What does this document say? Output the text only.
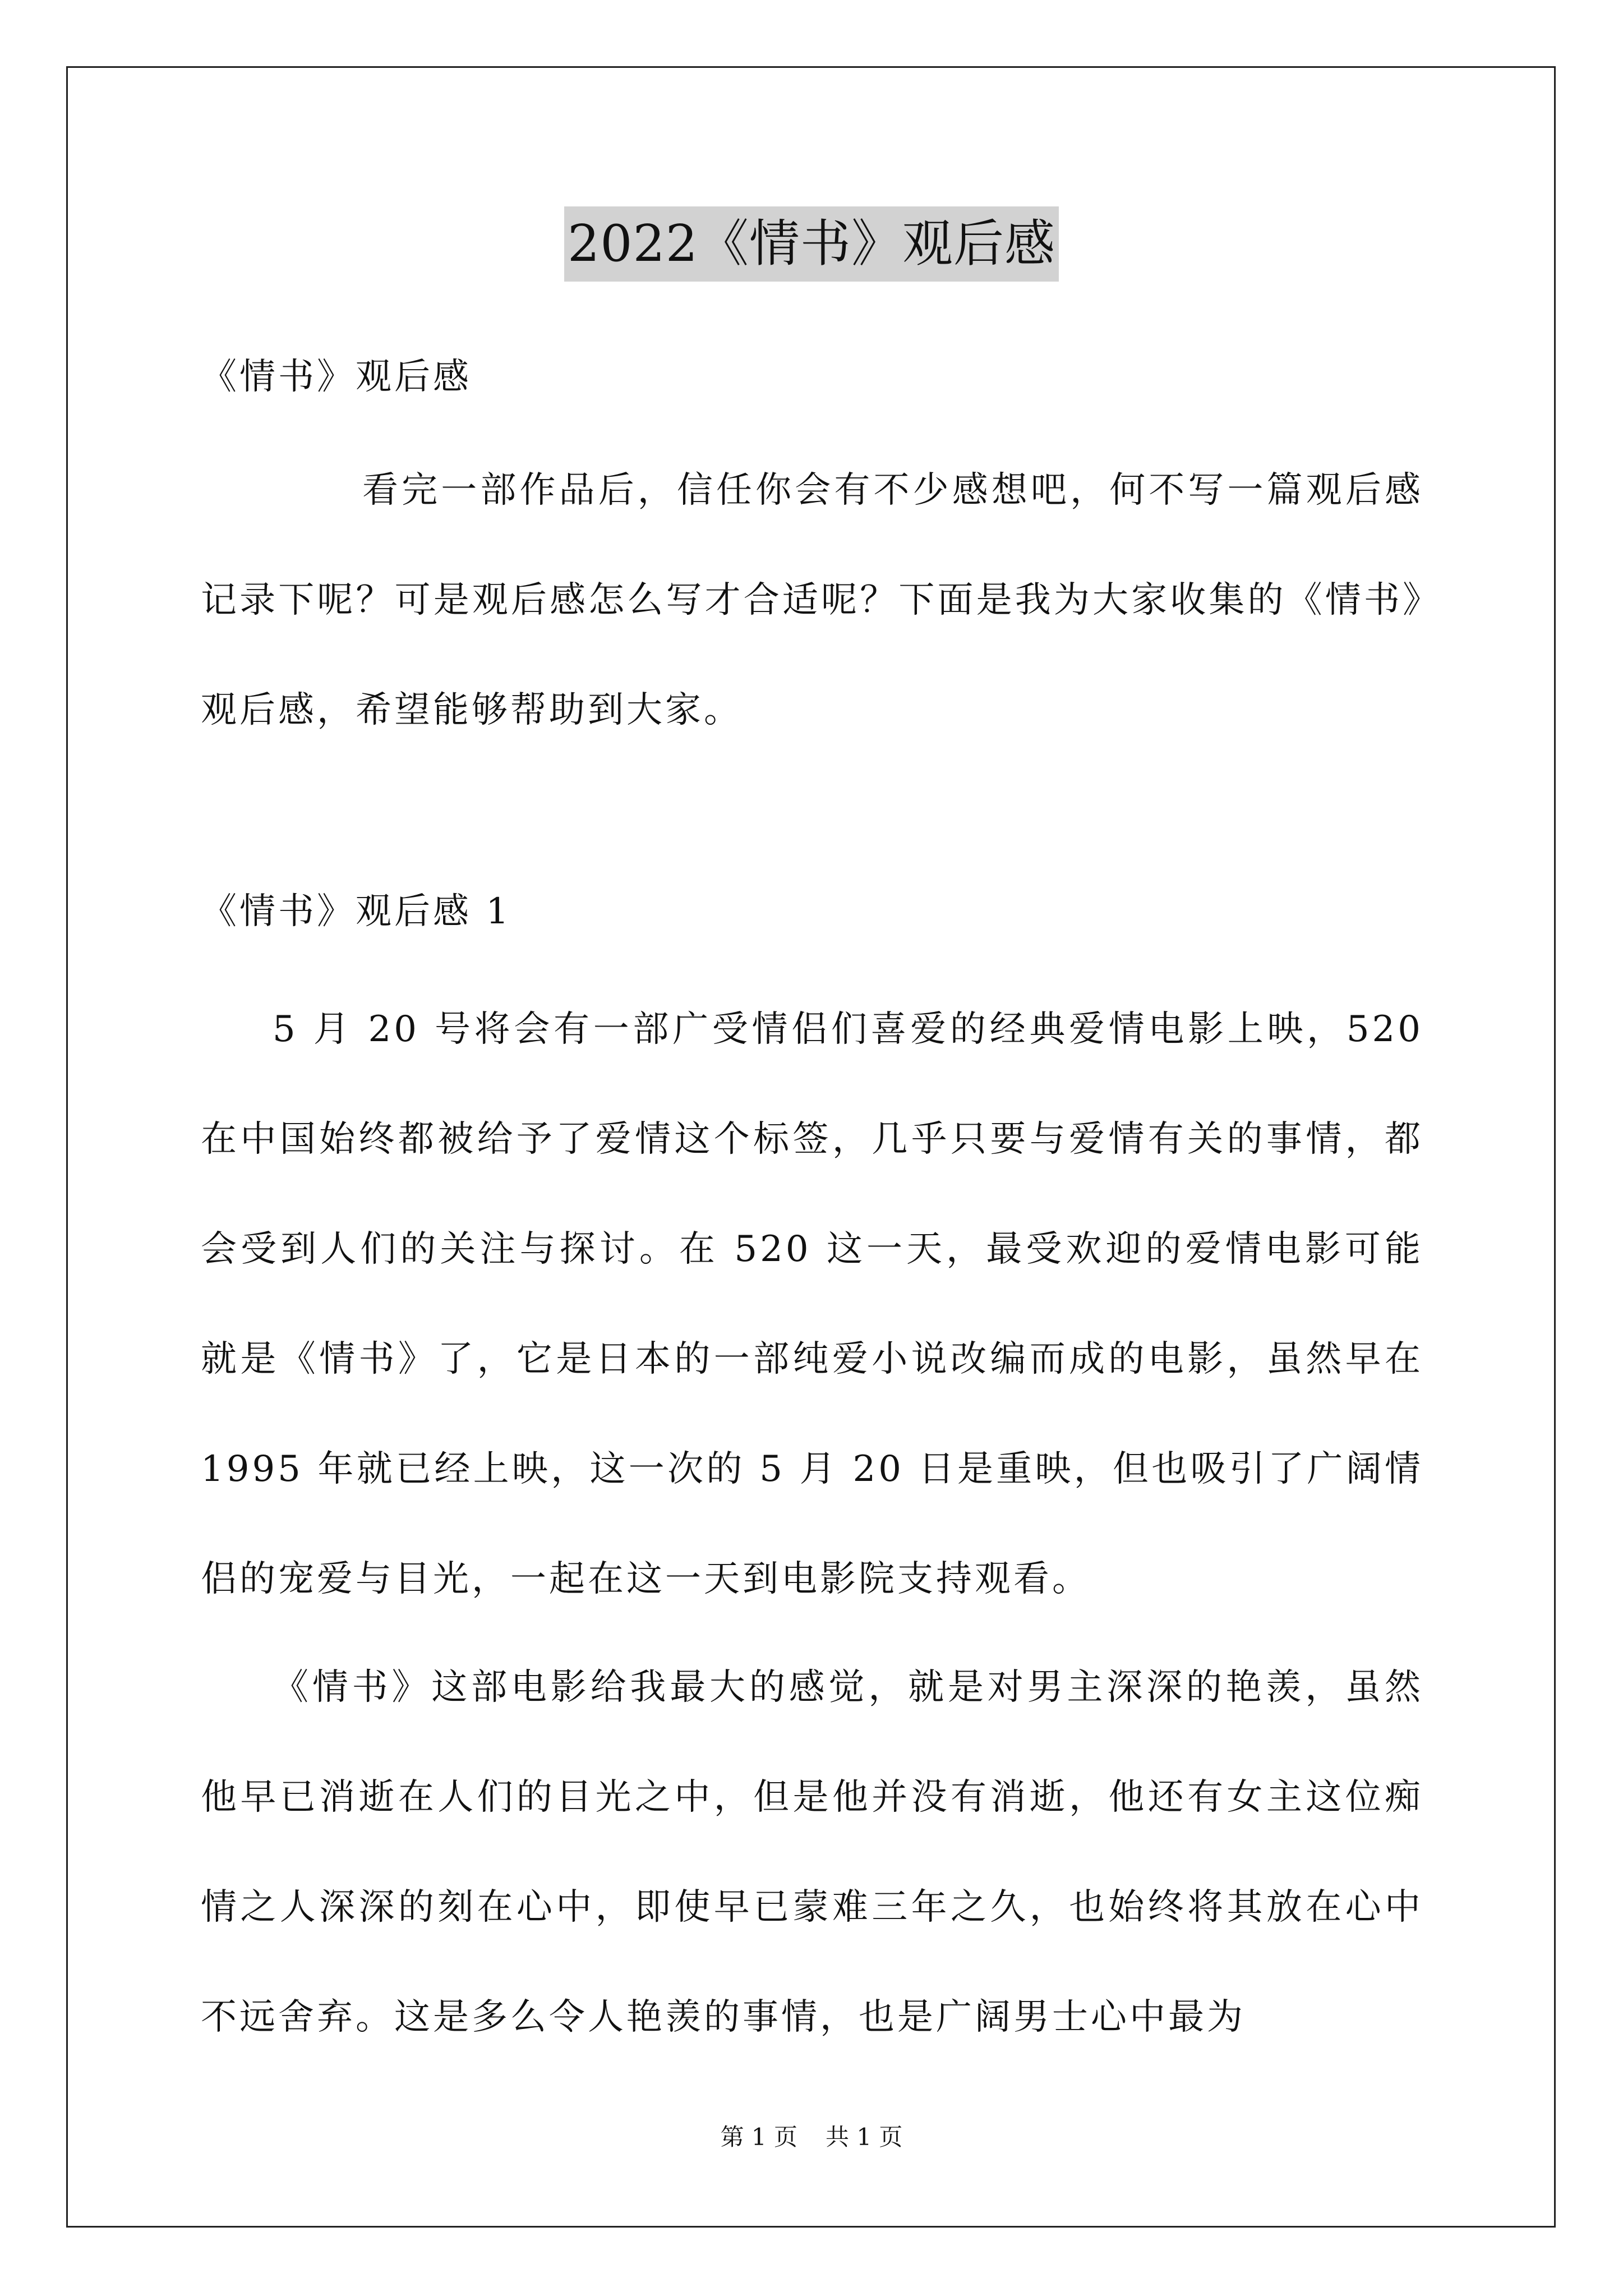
2022《情书》观后感
《情书》观后感
看完一部作品后，信任你会有不少感想吧，何不写一篇观后感记录下呢？可是观后感怎么写才合适呢？下面是我为大家收集的《情书》观后感，希望能够帮助到大家。
《情书》观后感 1
5 月 20 号将会有一部广受情侣们喜爱的经典爱情电影上映，520 在中国始终都被给予了爱情这个标签，几乎只要与爱情有关的事情，都会受到人们的关注与探讨。在 520 这一天，最受欢迎的爱情电影可能就是《情书》了，它是日本的一部纯爱小说改编而成的电影，虽然早在 1995 年就已经上映，这一次的 5 月 20 日是重映，但也吸引了广阔情侣的宠爱与目光，一起在这一天到电影院支持观看。
《情书》这部电影给我最大的感觉，就是对男主深深的艳羡，虽然他早已消逝在人们的目光之中，但是他并没有消逝，他还有女主这位痴情之人深深的刻在心中，即使早已蒙难三年之久，也始终将其放在心中不远舍弃。这是多么令人艳羡的事情，也是广阔男士心中最为
第 1 页 共 1 页
